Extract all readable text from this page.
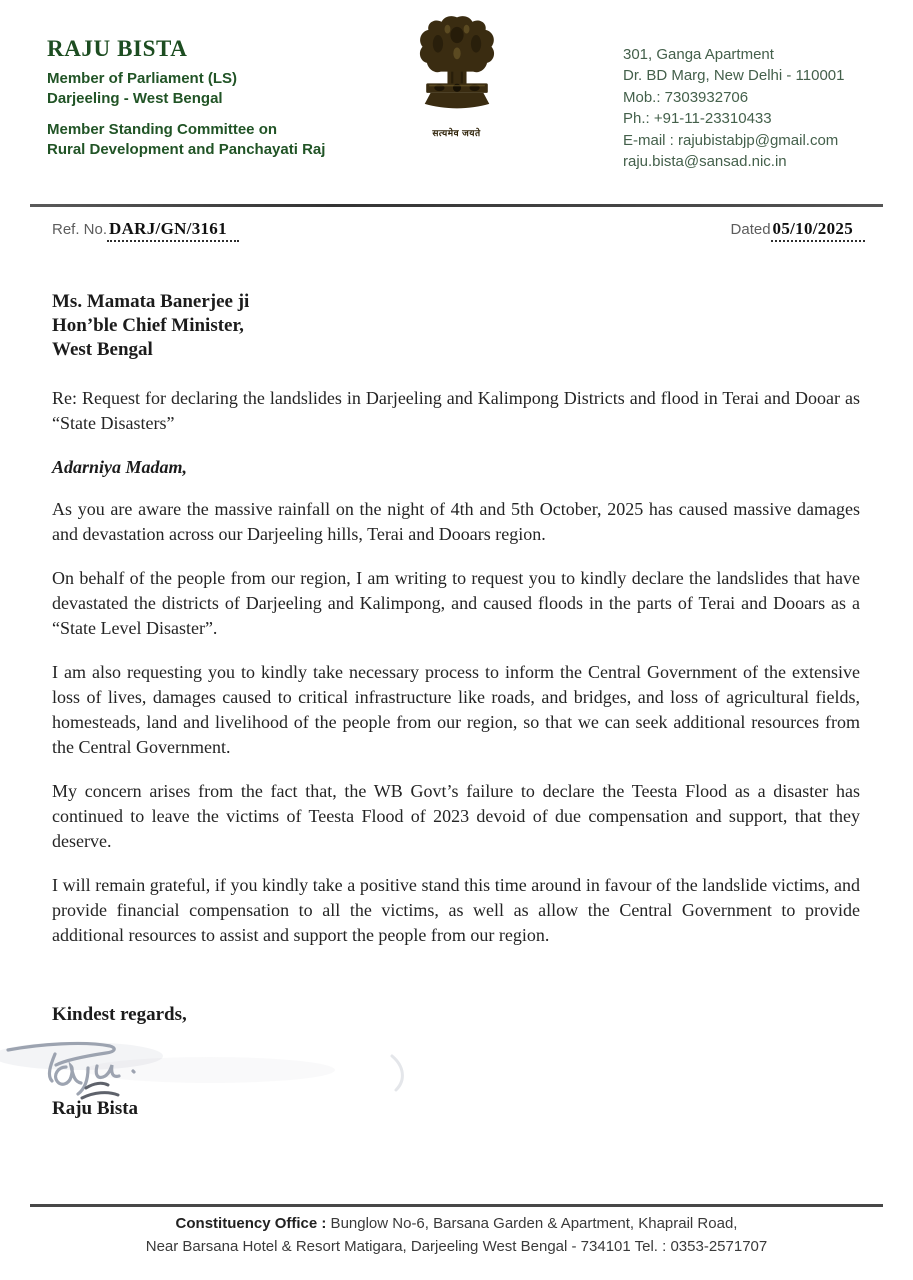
RAJU BISTA
Member of Parliament (LS)
Darjeeling - West Bengal
Member Standing Committee on
Rural Development and Panchayati Raj
सत्यमेव जयते
301, Ganga Apartment
Dr. BD Marg, New Delhi - 110001
Mob.: 7303932706
Ph.: +91-11-23310433
E-mail : rajubistabjp@gmail.com
raju.bista@sansad.nic.in
Ref. No. DARJ/GN/3161	Dated 05/10/2025
Ms. Mamata Banerjee ji
Hon’ble Chief Minister,
West Bengal
Re: Request for declaring the landslides in Darjeeling and Kalimpong Districts and flood in Terai and Dooar as “State Disasters”
Adarniya Madam,

As you are aware the massive rainfall on the night of 4th and 5th October, 2025 has caused massive damages and devastation across our Darjeeling hills, Terai and Dooars region.

On behalf of the people from our region, I am writing to request you to kindly declare the landslides that have devastated the districts of Darjeeling and Kalimpong, and caused floods in the parts of Terai and Dooars as a “State Level Disaster”.

I am also requesting you to kindly take necessary process to inform the Central Government of the extensive loss of lives, damages caused to critical infrastructure like roads, and bridges, and loss of agricultural fields, homesteads, land and livelihood of the people from our region, so that we can seek additional resources from the Central Government.

My concern arises from the fact that, the WB Govt’s failure to declare the Teesta Flood as a disaster has continued to leave the victims of Teesta Flood of 2023 devoid of due compensation and support, that they deserve.

I will remain grateful, if you kindly take a positive stand this time around in favour of the landslide victims, and provide financial compensation to all the victims, as well as allow the Central Government to provide additional resources to assist and support the people from our region.

Kindest regards,
Raju Bista
Constituency Office : Bunglow No-6, Barsana Garden & Apartment, Khaprail Road,
Near Barsana Hotel & Resort Matigara, Darjeeling West Bengal - 734101 Tel. : 0353-2571707
